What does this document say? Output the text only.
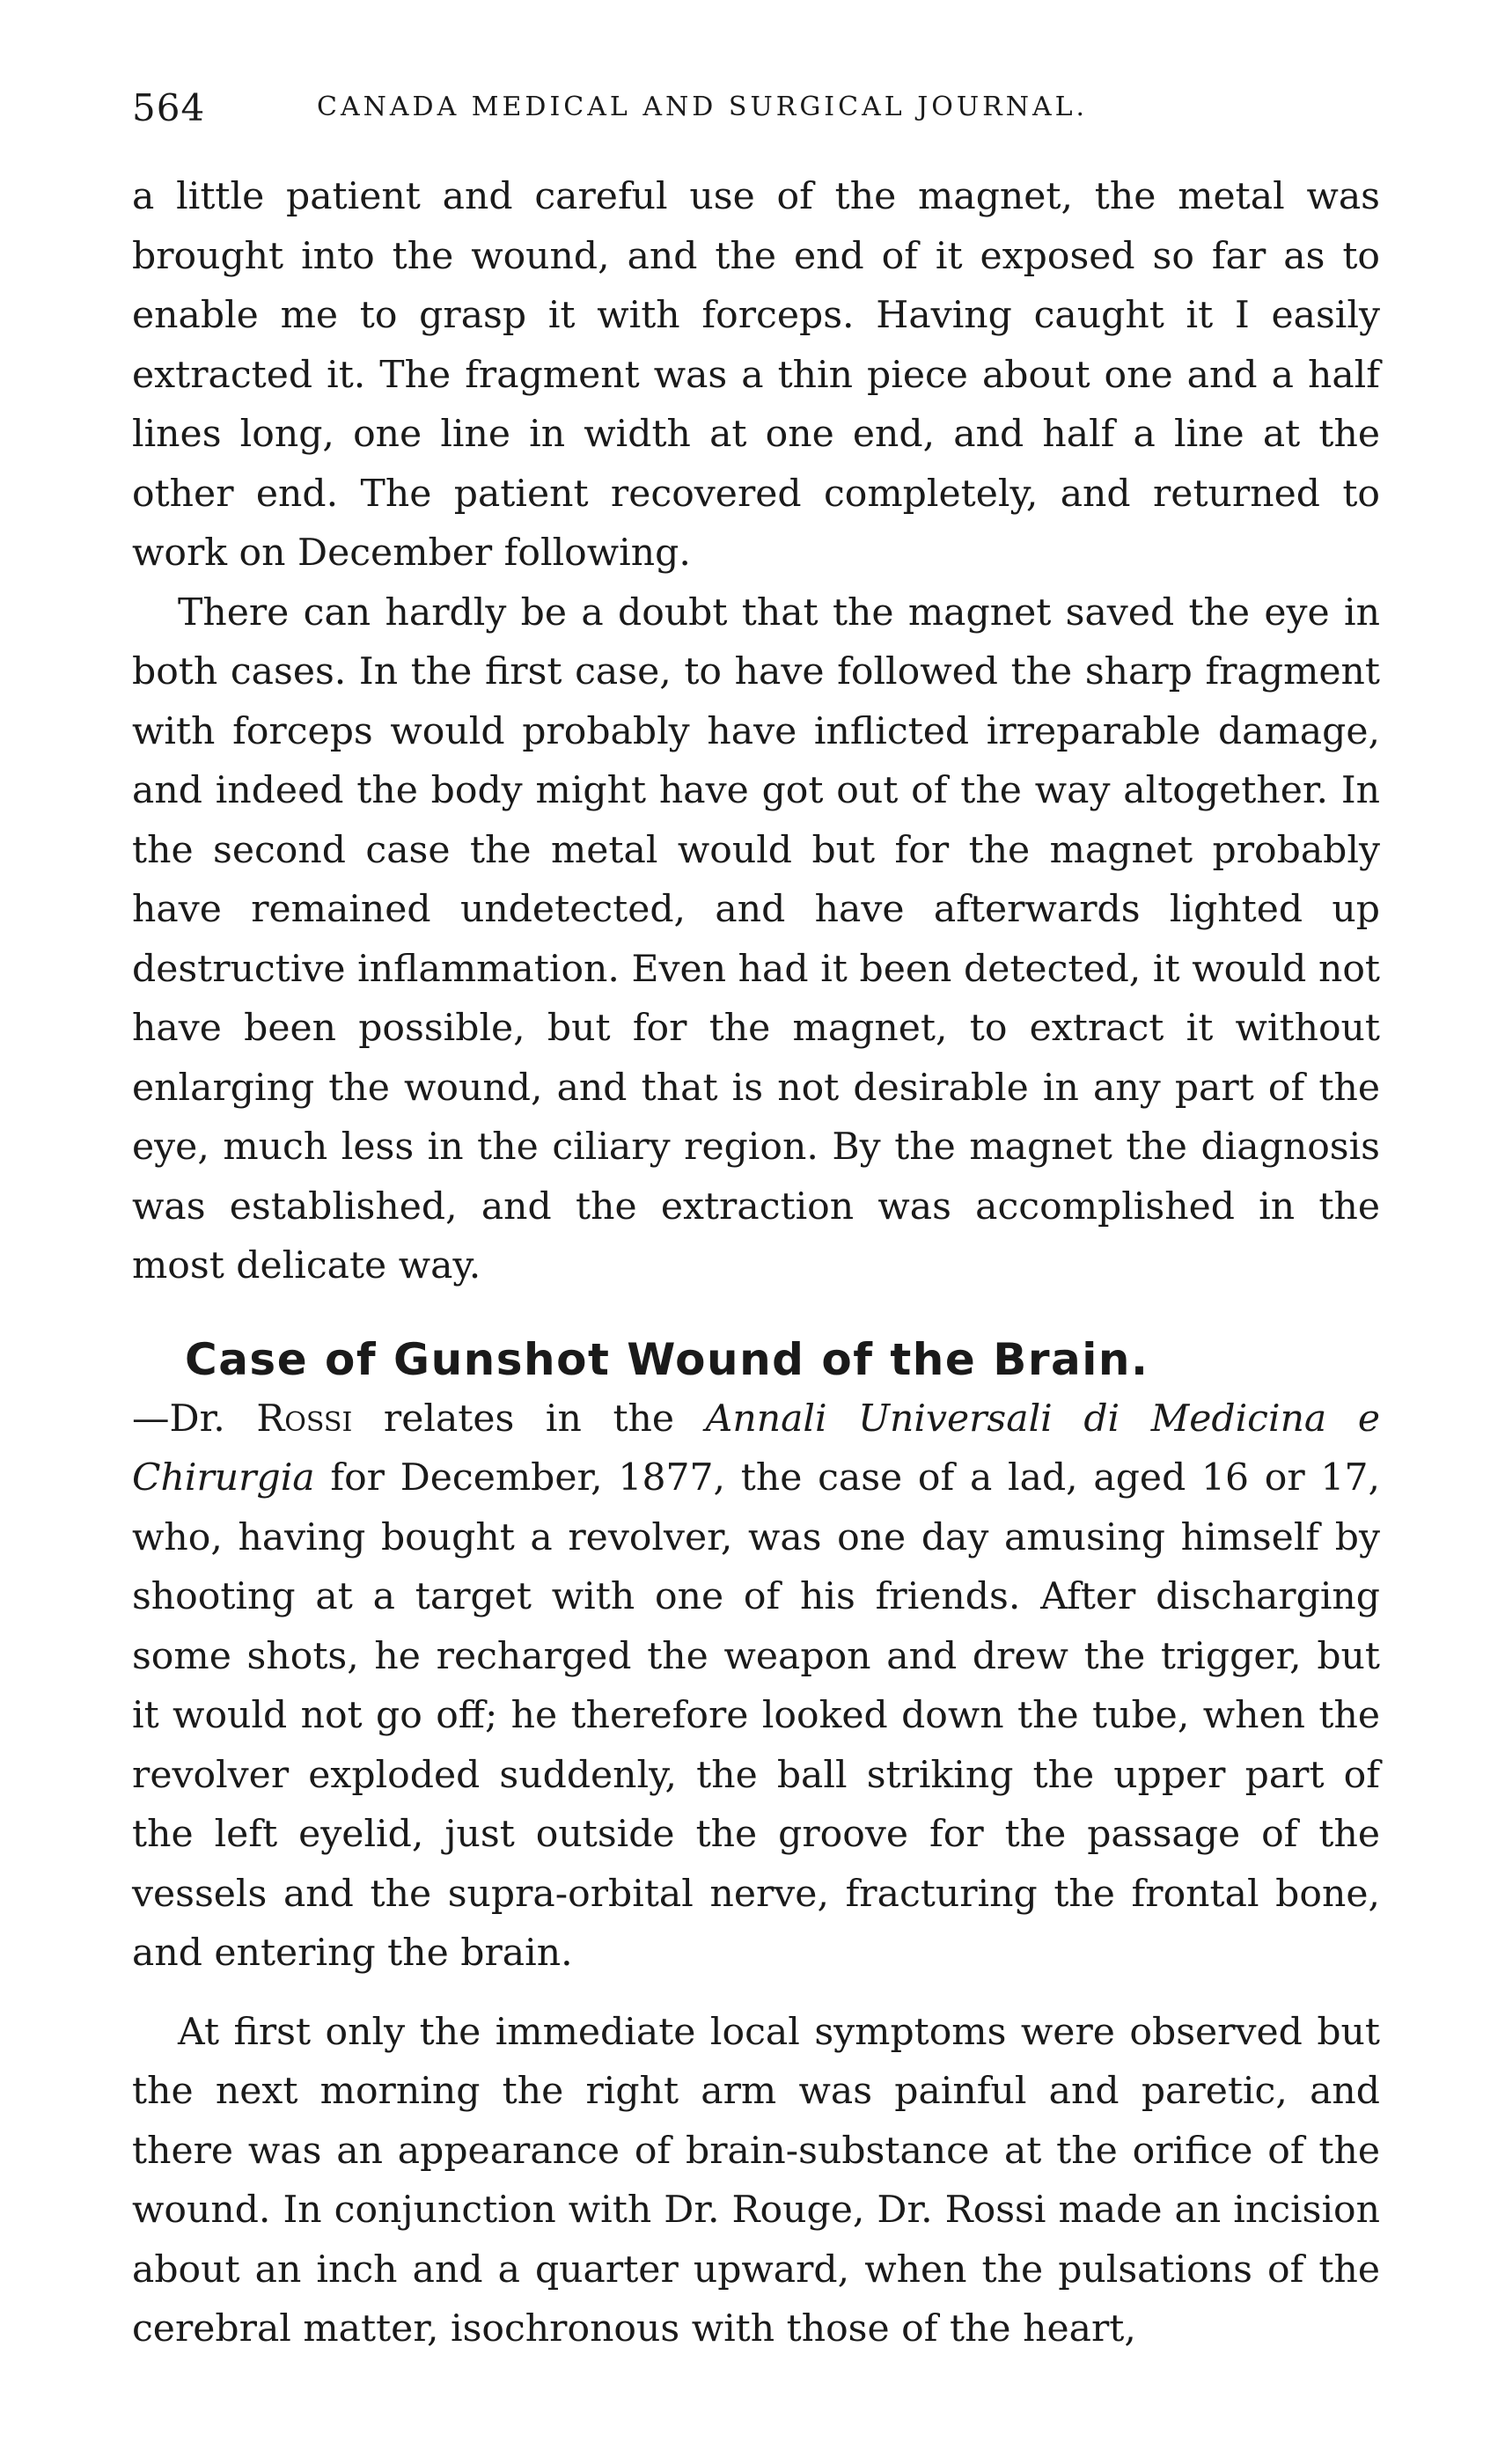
564	CANADA MEDICAL AND SURGICAL JOURNAL.

a little patient and careful use of the magnet, the metal was brought into the wound, and the end of it exposed so far as to enable me to grasp it with forceps. Having caught it I easily extracted it. The fragment was a thin piece about one and a half lines long, one line in width at one end, and half a line at the other end. The patient recovered completely, and returned to work on December following.

There can hardly be a doubt that the magnet saved the eye in both cases. In the first case, to have followed the sharp fragment with forceps would probably have inflicted irreparable damage, and indeed the body might have got out of the way altogether. In the second case the metal would but for the magnet probably have remained undetected, and have afterwards lighted up destructive inflammation. Even had it been detected, it would not have been possible, but for the magnet, to extract it without enlarging the wound, and that is not desirable in any part of the eye, much less in the ciliary region. By the magnet the diagnosis was established, and the extraction was accomplished in the most delicate way.

Case of Gunshot Wound of the Brain.

—Dr. Rossi relates in the Annali Universali di Medicina e Chirurgia for December, 1877, the case of a lad, aged 16 or 17, who, having bought a revolver, was one day amusing himself by shooting at a target with one of his friends. After discharging some shots, he recharged the weapon and drew the trigger, but it would not go off; he therefore looked down the tube, when the revolver exploded suddenly, the ball striking the upper part of the left eyelid, just outside the groove for the passage of the vessels and the supra-orbital nerve, fracturing the frontal bone, and entering the brain.

At first only the immediate local symptoms were observed but the next morning the right arm was painful and paretic, and there was an appearance of brain-substance at the orifice of the wound. In conjunction with Dr. Rouge, Dr. Rossi made an incision about an inch and a quarter upward, when the pulsations of the cerebral matter, isochronous with those of the heart,
